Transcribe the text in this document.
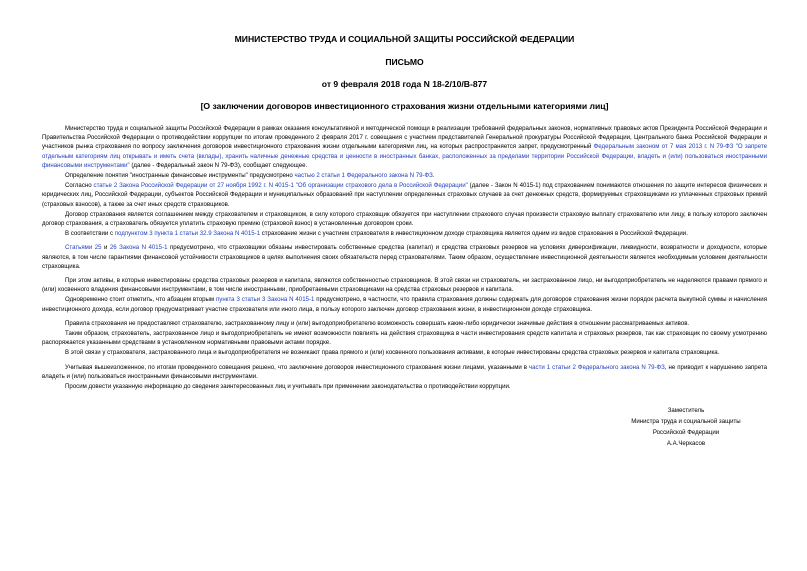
МИНИСТЕРСТВО ТРУДА И СОЦИАЛЬНОЙ ЗАЩИТЫ РОССИЙСКОЙ ФЕДЕРАЦИИ
ПИСЬМО
от 9 февраля 2018 года N 18-2/10/В-877
[О заключении договоров инвестиционного страхования жизни отдельными категориями лиц]

Министерство труда и социальной защиты Российской Федерации в рамках оказания консультативной и методической помощи в реализации требований федеральных законов, нормативных правовых актов Президента Российской Федерации и Правительства Российской Федерации о противодействии коррупции по итогам проведенного 2 февраля 2017 г. совещания с участием представителей Генеральной прокуратуры Российской Федерации, Центрального банка Российской Федерации и участников рынка страхования по вопросу заключения договоров инвестиционного страхования жизни отдельными категориями лиц, на которых распространяется запрет, предусмотренный Федеральным законом от 7 мая 2013 г. N 79-ФЗ "О запрете отдельным категориям лиц открывать и иметь счета (вклады), хранить наличные денежные средства и ценности в иностранных банках, расположенных за пределами территории Российской Федерации, владеть и (или) пользоваться иностранными финансовыми инструментами" (далее - Федеральный закон N 79-ФЗ), сообщает следующее.

Определение понятия "иностранные финансовые инструменты" предусмотрено частью 2 статьи 1 Федерального закона N 79-ФЗ.

Согласно статье 2 Закона Российской Федерации от 27 ноября 1992 г. N 4015-1 "Об организации страхового дела в Российской Федерации" (далее - Закон N 4015-1) под страхованием понимаются отношения по защите интересов физических и юридических лиц, Российской Федерации, субъектов Российской Федерации и муниципальных образований при наступлении определенных страховых случаев за счет денежных средств, формируемых страховщиками из уплаченных страховых премий (страховых взносов), а также за счет иных средств страховщиков.

Договор страхования является соглашением между страхователем и страховщиком, в силу которого страховщик обязуется при наступлении страхового случая произвести страховую выплату страхователю или лицу, в пользу которого заключен договор страхования, а страхователь обязуется уплатить страховую премию (страховой взнос) в установленные договором сроки.

В соответствии с подпунктом 3 пункта 1 статьи 32.9 Закона N 4015-1 страхование жизни с участием страхователя в инвестиционном доходе страховщика является одним из видов страхования в Российской Федерации.

Статьями 25 и 26 Закона N 4015-1 предусмотрено, что страховщики обязаны инвестировать собственные средства (капитал) и средства страховых резервов на условиях диверсификации, ликвидности, возвратности и доходности, которые являются, в том числе гарантиями финансовой устойчивости страховщиков в целях выполнения своих обязательств перед страхователями. Таким образом, осуществление инвестиционной деятельности является необходимым условием деятельности страховщика.

При этом активы, в которые инвестированы средства страховых резервов и капитала, являются собственностью страховщиков. В этой связи ни страхователь, ни застрахованное лицо, ни выгодоприобретатель не наделяются правами прямого и (или) косвенного владения финансовыми инструментами, в том числе иностранными, приобретаемыми страховщиками на средства страховых резервов и капитала.

Одновременно стоит отметить, что абзацем вторым пункта 3 статьи 3 Закона N 4015-1 предусмотрено, в частности, что правила страхования должны содержать для договоров страхования жизни порядок расчета выкупной суммы и начисления инвестиционного дохода, если договор предусматривает участие страхователя или иного лица, в пользу которого заключен договор страхования жизни, в инвестиционном доходе страховщика.

Правила страхования не предоставляют страхователю, застрахованному лицу и (или) выгодоприобретателю возможность совершать какие-либо юридически значимые действия в отношении рассматриваемых активов.

Таким образом, страхователь, застрахованное лицо и выгодоприобретатель не имеют возможности повлиять на действия страховщика в части инвестирования средств капитала и страховых резервов, так как страховщик по своему усмотрению распоряжается указанными средствами в установленном нормативными правовыми актами порядке.

В этой связи у страхователя, застрахованного лица и выгодоприобретателя не возникают права прямого и (или) косвенного пользования активами, в которые инвестированы средства страховых резервов и капитала страховщика.

Учитывая вышеизложенное, по итогам проведенного совещания решено, что заключение договоров инвестиционного страхования жизни лицами, указанными в части 1 статьи 2 Федерального закона N 79-ФЗ, не приводит к нарушению запрета владеть и (или) пользоваться иностранными финансовыми инструментами.

Просим довести указанную информацию до сведения заинтересованных лиц и учитывать при применении законодательства о противодействии коррупции.

Заместитель
Министра труда и социальной защиты
Российской Федерации
А.А.Черкасов
